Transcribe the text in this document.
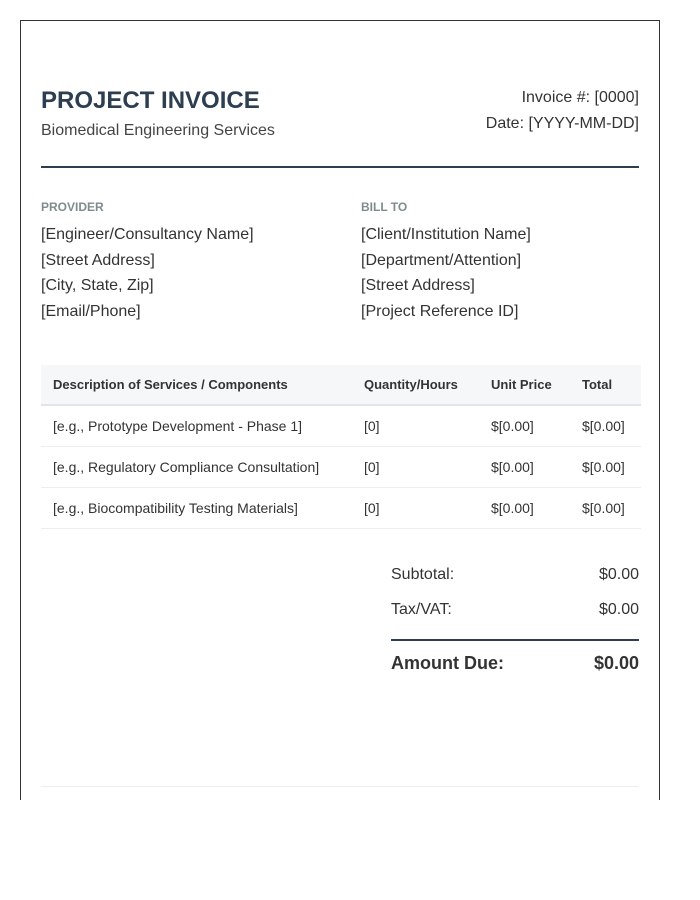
PROJECT INVOICE
Biomedical Engineering Services
Invoice #: [0000]
Date: [YYYY-MM-DD]
PROVIDER
[Engineer/Consultancy Name]
[Street Address]
[City, State, Zip]
[Email/Phone]
BILL TO
[Client/Institution Name]
[Department/Attention]
[Street Address]
[Project Reference ID]
Description of Services / Components	Quantity/Hours	Unit Price	Total
[e.g., Prototype Development - Phase 1]	[0]	$[0.00]	$[0.00]
[e.g., Regulatory Compliance Consultation]	[0]	$[0.00]	$[0.00]
[e.g., Biocompatibility Testing Materials]	[0]	$[0.00]	$[0.00]
Subtotal:	$0.00
Tax/VAT:	$0.00
Amount Due:	$0.00
